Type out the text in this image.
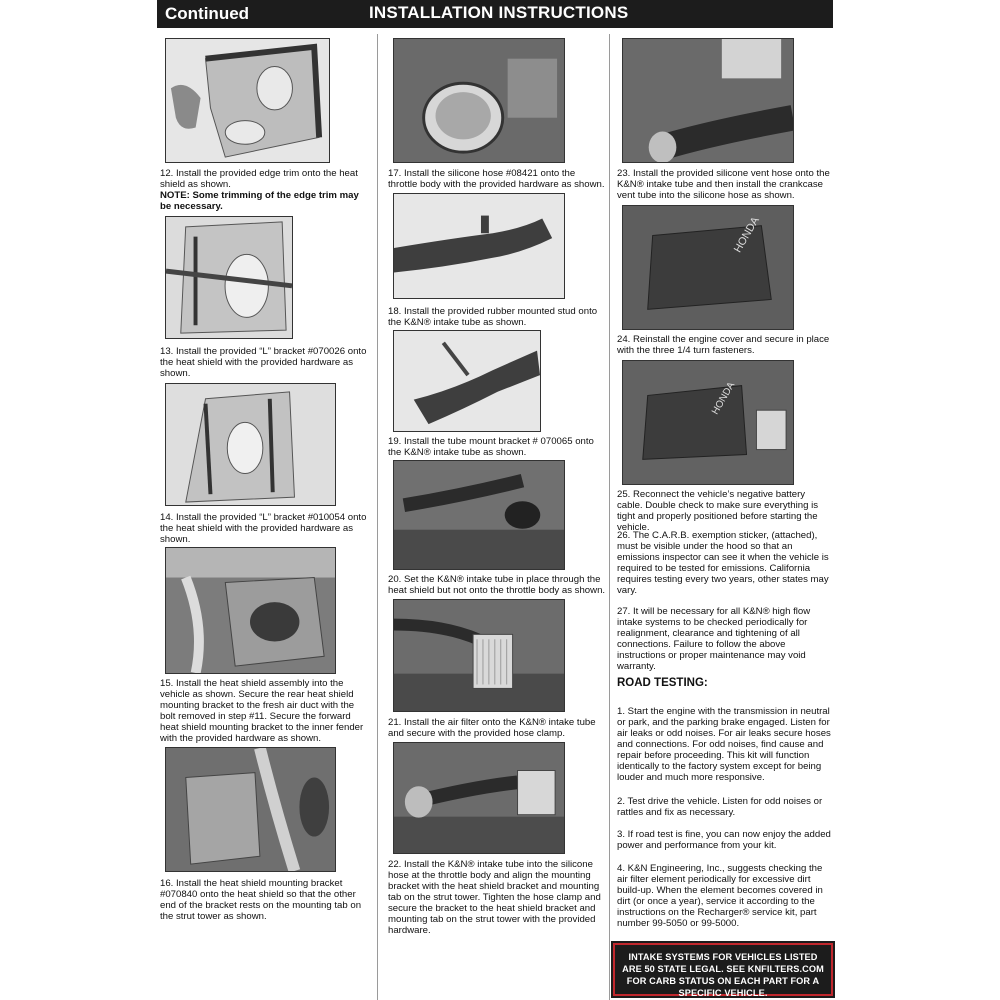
Continued	INSTALLATION INSTRUCTIONS
12. Install the provided edge trim onto the heat shield as shown.
NOTE: Some trimming of the edge trim may be necessary.
13. Install the provided “L” bracket #070026 onto the heat shield with the provided hardware as shown.
14. Install the provided “L” bracket #010054 onto the heat shield with the provided hardware as shown.
15. Install the heat shield assembly into the vehicle as shown. Secure the rear heat shield mounting bracket to the fresh air duct with the bolt removed in step #11. Secure the forward heat shield mounting bracket to the inner fender with the provided hardware as shown.
16. Install the heat shield mounting bracket #070840 onto the heat shield so that the other end of the bracket rests on the mounting tab on the strut tower as shown.
17. Install the silicone hose #08421 onto the throttle body with the provided hardware as shown.
18. Install the provided rubber mounted stud onto the K&N® intake tube as shown.
19. Install the tube mount bracket # 070065 onto the K&N® intake tube as shown.
20. Set the K&N® intake tube in place through the heat shield but not onto the throttle body as shown.
21. Install the air filter onto the K&N® intake tube and secure with the provided hose clamp.
22. Install the K&N® intake tube into the silicone hose at the throttle body and align the mounting bracket with the heat shield bracket and mounting tab on the strut tower. Tighten the hose clamp and secure the bracket to the heat shield bracket and mounting tab on the strut tower with the provided hardware.
23. Install the provided silicone vent hose onto the K&N® intake tube and then install the crankcase vent tube into the silicone hose as shown.
HONDA
24. Reinstall the engine cover and secure in place with the three 1/4 turn fasteners.
HONDA
25. Reconnect the vehicle’s negative battery cable. Double check to make sure everything is tight and properly positioned before starting the vehicle.
26. The C.A.R.B. exemption sticker, (attached), must be visible under the hood so that an emissions inspector can see it when the vehicle is required to be tested for emissions. California requires testing every two years, other states may vary.
27. It will be necessary for all K&N® high flow intake systems to be checked periodically for realignment, clearance and tightening of all connections. Failure to follow the above instructions or proper maintenance may void warranty.
ROAD TESTING:
1. Start the engine with the transmission in neutral or park, and the parking brake engaged. Listen for air leaks or odd noises. For air leaks secure hoses and connections. For odd noises, find cause and repair before proceeding. This kit will function identically to the factory system except for being louder and much more responsive.
2. Test drive the vehicle. Listen for odd noises or rattles and fix as necessary.
3. If road test is fine, you can now enjoy the added power and performance from your kit.
4. K&N Engineering, Inc., suggests checking the air filter element periodically for excessive dirt build-up. When the element becomes covered in dirt (or once a year), service it according to the instructions on the Recharger® service kit, part number 99-5050 or 99-5000.
INTAKE SYSTEMS FOR VEHICLES LISTED ARE 50 STATE LEGAL. SEE KNFILTERS.COM FOR CARB STATUS ON EACH PART FOR A SPECIFIC VEHICLE.
